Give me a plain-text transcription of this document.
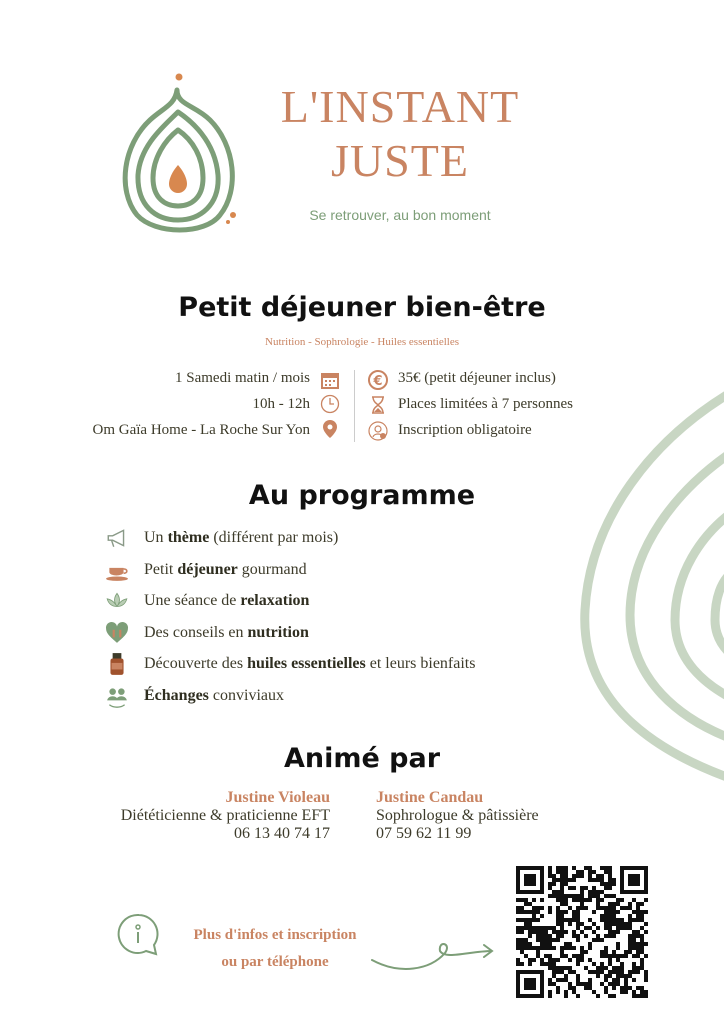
L'INSTANT
JUSTE
Se retrouver, au bon moment
Petit déjeuner bien-être
Nutrition - Sophrologie - Huiles essentielles
1 Samedi matin / mois
10h - 12h
Om Gaïa Home - La Roche Sur Yon
€ 35€ (petit déjeuner inclus)
Places limitées à 7 personnes
Inscription obligatoire
Au programme
Un thème (différent par mois)
Petit déjeuner gourmand
Une séance de relaxation
Des conseils en nutrition
Découverte des huiles essentielles et leurs bienfaits
Échanges conviviaux
Animé par
Justine Violeau
Diététicienne & praticienne EFT
06 13 40 74 17
Justine Candau
Sophrologue & pâtissière
07 59 62 11 99
Plus d'infos et inscription
ou par téléphone
